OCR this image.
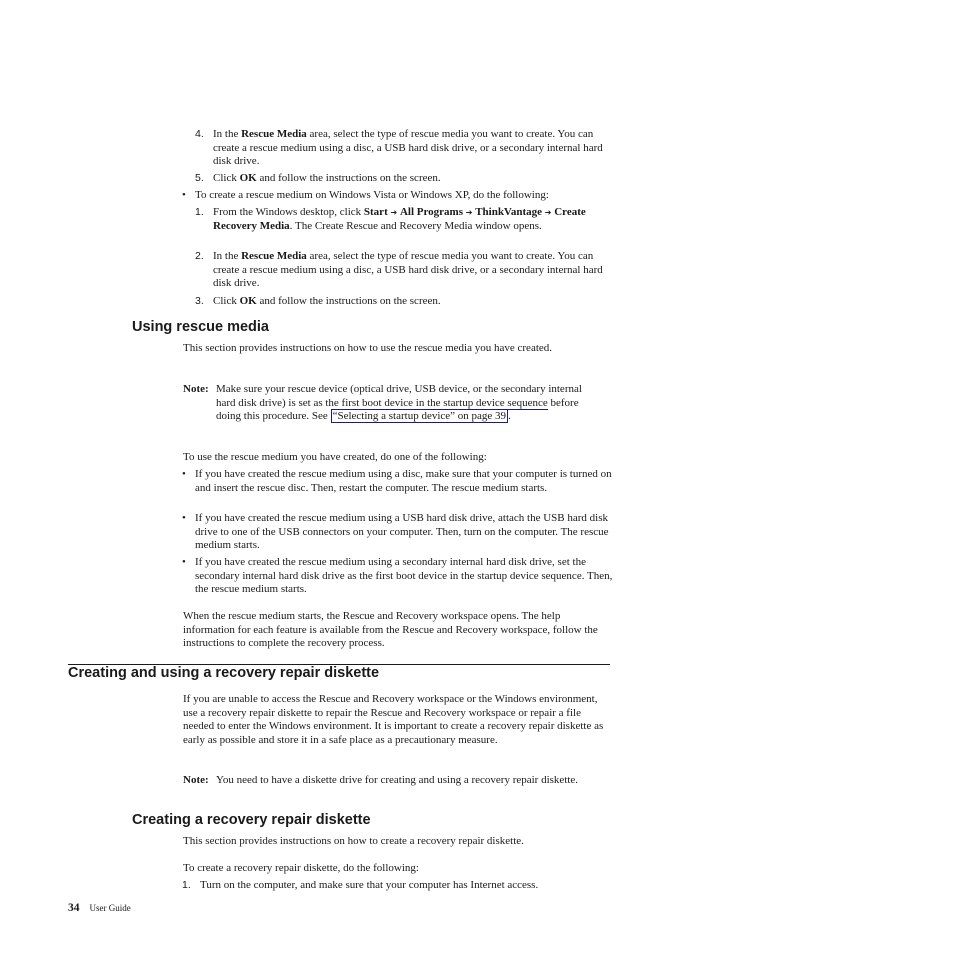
4. In the Rescue Media area, select the type of rescue media you want to create. You can create a rescue medium using a disc, a USB hard disk drive, or a secondary internal hard disk drive.
5. Click OK and follow the instructions on the screen.
• To create a rescue medium on Windows Vista or Windows XP, do the following:
1. From the Windows desktop, click Start ➔ All Programs ➔ ThinkVantage ➔ Create Recovery Media. The Create Rescue and Recovery Media window opens.
2. In the Rescue Media area, select the type of rescue media you want to create. You can create a rescue medium using a disc, a USB hard disk drive, or a secondary internal hard disk drive.
3. Click OK and follow the instructions on the screen.
Using rescue media
This section provides instructions on how to use the rescue media you have created.
Note: Make sure your rescue device (optical drive, USB device, or the secondary internal hard disk drive) is set as the first boot device in the startup device sequence before doing this procedure. See “Selecting a startup device” on page 39 .
To use the rescue medium you have created, do one of the following:
• If you have created the rescue medium using a disc, make sure that your computer is turned on and insert the rescue disc. Then, restart the computer. The rescue medium starts.
• If you have created the rescue medium using a USB hard disk drive, attach the USB hard disk drive to one of the USB connectors on your computer. Then, turn on the computer. The rescue medium starts.
• If you have created the rescue medium using a secondary internal hard disk drive, set the secondary internal hard disk drive as the first boot device in the startup device sequence. Then, the rescue medium starts.
When the rescue medium starts, the Rescue and Recovery workspace opens. The help information for each feature is available from the Rescue and Recovery workspace, follow the instructions to complete the recovery process.
Creating and using a recovery repair diskette
If you are unable to access the Rescue and Recovery workspace or the Windows environment, use a recovery repair diskette to repair the Rescue and Recovery workspace or repair a file needed to enter the Windows environment. It is important to create a recovery repair diskette as early as possible and store it in a safe place as a precautionary measure.
Note: You need to have a diskette drive for creating and using a recovery repair diskette.
Creating a recovery repair diskette
This section provides instructions on how to create a recovery repair diskette.
To create a recovery repair diskette, do the following:
1. Turn on the computer, and make sure that your computer has Internet access.
34 User Guide
